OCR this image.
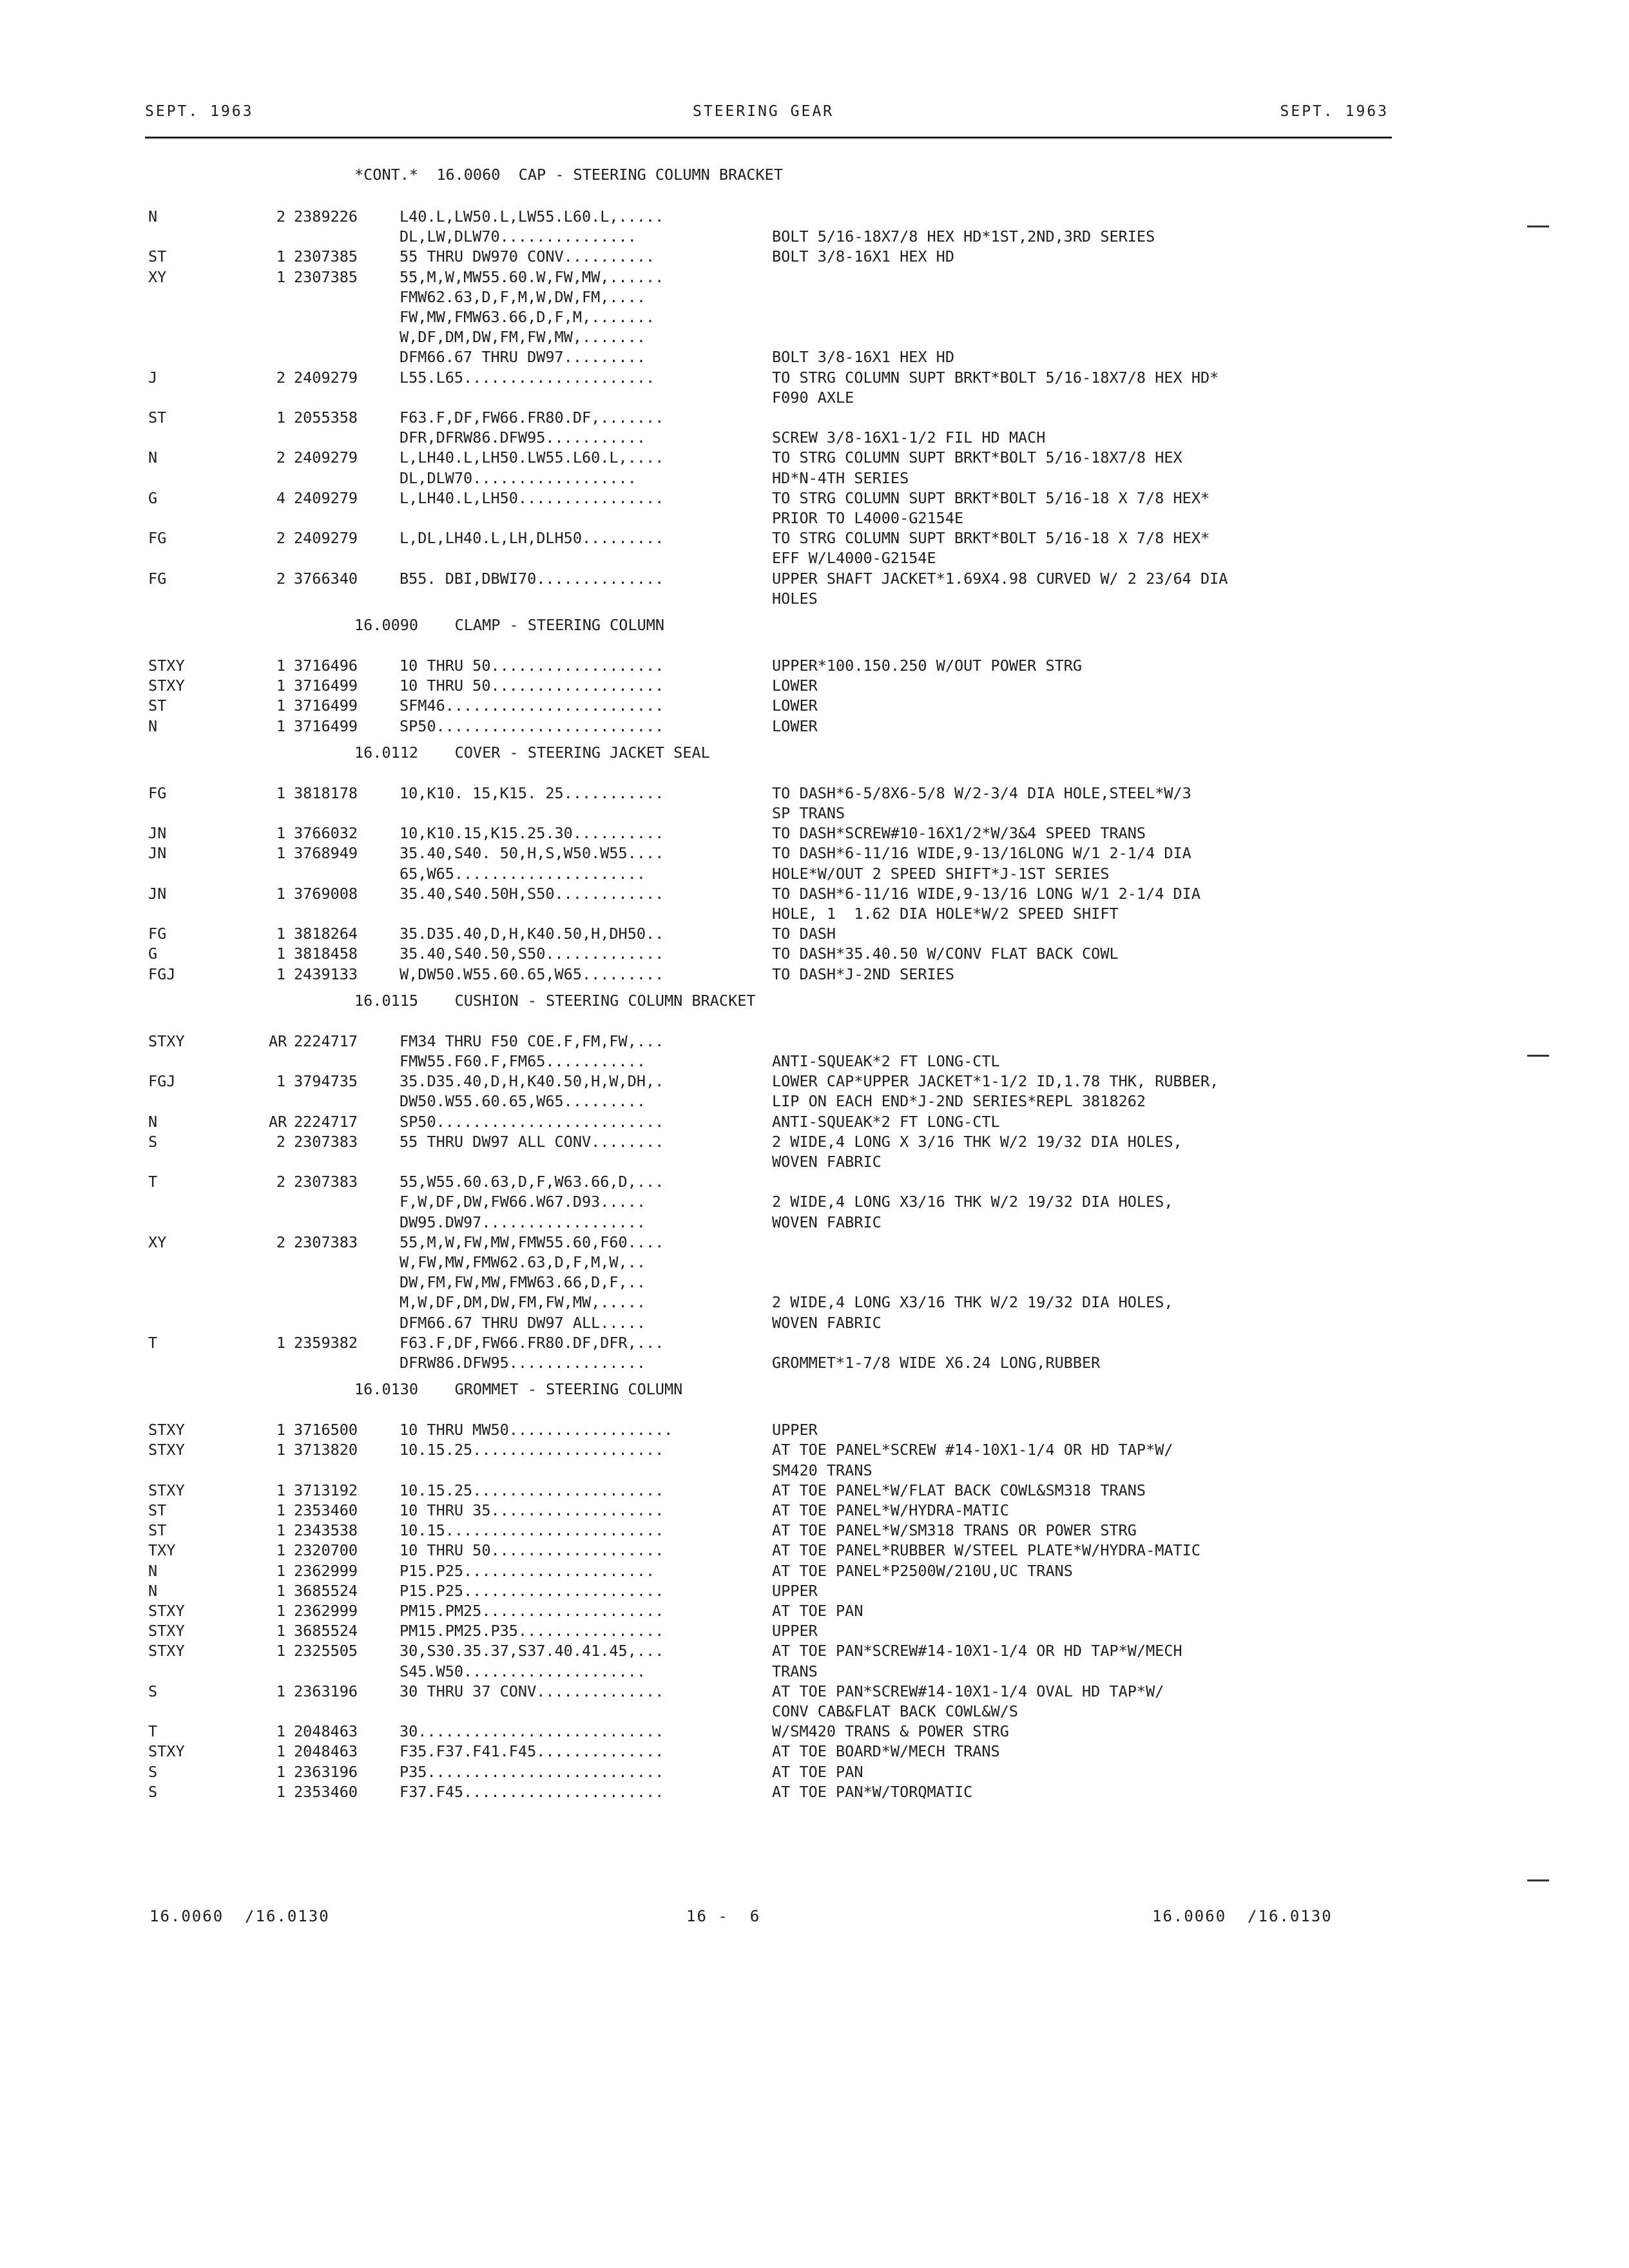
SEPT. 1963	STEERING GEAR	SEPT. 1963
*CONT.*  16.0060  CAP - STEERING COLUMN BRACKET
N	2 2389226	L40.L,LW50.L,LW55.L60.L,.....
DL,LW,DLW70...............	BOLT 5/16-18X7/8 HEX HD*1ST,2ND,3RD SERIES
ST	1 2307385	55 THRU DW970 CONV..........	BOLT 3/8-16X1 HEX HD
XY	1 2307385	55,M,W,MW55.60.W,FW,MW,......
FMW62.63,D,F,M,W,DW,FM,....
FW,MW,FMW63.66,D,F,M,.......
W,DF,DM,DW,FM,FW,MW,.......
DFM66.67 THRU DW97.........	BOLT 3/8-16X1 HEX HD
J	2 2409279	L55.L65.....................	TO STRG COLUMN SUPT BRKT*BOLT 5/16-18X7/8 HEX HD*
F090 AXLE
ST	1 2055358	F63.F,DF,FW66.FR80.DF,.......
DFR,DFRW86.DFW95...........	SCREW 3/8-16X1-1/2 FIL HD MACH
N	2 2409279	L,LH40.L,LH50.LW55.L60.L,....	TO STRG COLUMN SUPT BRKT*BOLT 5/16-18X7/8 HEX
DL,DLW70..................	HD*N-4TH SERIES
G	4 2409279	L,LH40.L,LH50................	TO STRG COLUMN SUPT BRKT*BOLT 5/16-18 X 7/8 HEX*
PRIOR TO L4000-G2154E
FG	2 2409279	L,DL,LH40.L,LH,DLH50.........	TO STRG COLUMN SUPT BRKT*BOLT 5/16-18 X 7/8 HEX*
EFF W/L4000-G2154E
FG	2 3766340	B55. DBI,DBWI70..............	UPPER SHAFT JACKET*1.69X4.98 CURVED W/ 2 23/64 DIA
HOLES
16.0090    CLAMP - STEERING COLUMN
STXY	1 3716496	10 THRU 50...................	UPPER*100.150.250 W/OUT POWER STRG
STXY	1 3716499	10 THRU 50...................	LOWER
ST	1 3716499	SFM46........................	LOWER
N	1 3716499	SP50.........................	LOWER
16.0112    COVER - STEERING JACKET SEAL
FG	1 3818178	10,K10. 15,K15. 25...........	TO DASH*6-5/8X6-5/8 W/2-3/4 DIA HOLE,STEEL*W/3
SP TRANS
JN	1 3766032	10,K10.15,K15.25.30..........	TO DASH*SCREW#10-16X1/2*W/3&4 SPEED TRANS
JN	1 3768949	35.40,S40. 50,H,S,W50.W55....	TO DASH*6-11/16 WIDE,9-13/16LONG W/1 2-1/4 DIA
65,W65.....................	HOLE*W/OUT 2 SPEED SHIFT*J-1ST SERIES
JN	1 3769008	35.40,S40.50H,S50............	TO DASH*6-11/16 WIDE,9-13/16 LONG W/1 2-1/4 DIA
HOLE, 1  1.62 DIA HOLE*W/2 SPEED SHIFT
FG	1 3818264	35.D35.40,D,H,K40.50,H,DH50..	TO DASH
G	1 3818458	35.40,S40.50,S50.............	TO DASH*35.40.50 W/CONV FLAT BACK COWL
FGJ	1 2439133	W,DW50.W55.60.65,W65.........	TO DASH*J-2ND SERIES
16.0115    CUSHION - STEERING COLUMN BRACKET
STXY	AR 2224717	FM34 THRU F50 COE.F,FM,FW,...
FMW55.F60.F,FM65...........	ANTI-SQUEAK*2 FT LONG-CTL
FGJ	1 3794735	35.D35.40,D,H,K40.50,H,W,DH,.	LOWER CAP*UPPER JACKET*1-1/2 ID,1.78 THK, RUBBER,
DW50.W55.60.65,W65.........	LIP ON EACH END*J-2ND SERIES*REPL 3818262
N	AR 2224717	SP50.........................	ANTI-SQUEAK*2 FT LONG-CTL
S	2 2307383	55 THRU DW97 ALL CONV........	2 WIDE,4 LONG X 3/16 THK W/2 19/32 DIA HOLES,
WOVEN FABRIC
T	2 2307383	55,W55.60.63,D,F,W63.66,D,...
F,W,DF,DW,FW66.W67.D93.....	2 WIDE,4 LONG X3/16 THK W/2 19/32 DIA HOLES,
DW95.DW97..................	WOVEN FABRIC
XY	2 2307383	55,M,W,FW,MW,FMW55.60,F60....
W,FW,MW,FMW62.63,D,F,M,W,..
DW,FM,FW,MW,FMW63.66,D,F,..
M,W,DF,DM,DW,FM,FW,MW,.....	2 WIDE,4 LONG X3/16 THK W/2 19/32 DIA HOLES,
DFM66.67 THRU DW97 ALL.....	WOVEN FABRIC
T	1 2359382	F63.F,DF,FW66.FR80.DF,DFR,...
DFRW86.DFW95...............	GROMMET*1-7/8 WIDE X6.24 LONG,RUBBER
16.0130    GROMMET - STEERING COLUMN
STXY	1 3716500	10 THRU MW50..................	UPPER
STXY	1 3713820	10.15.25.....................	AT TOE PANEL*SCREW #14-10X1-1/4 OR HD TAP*W/
SM420 TRANS
STXY	1 3713192	10.15.25.....................	AT TOE PANEL*W/FLAT BACK COWL&SM318 TRANS
ST	1 2353460	10 THRU 35...................	AT TOE PANEL*W/HYDRA-MATIC
ST	1 2343538	10.15........................	AT TOE PANEL*W/SM318 TRANS OR POWER STRG
TXY	1 2320700	10 THRU 50...................	AT TOE PANEL*RUBBER W/STEEL PLATE*W/HYDRA-MATIC
N	1 2362999	P15.P25.....................	AT TOE PANEL*P2500W/210U,UC TRANS
N	1 3685524	P15.P25......................	UPPER
STXY	1 2362999	PM15.PM25....................	AT TOE PAN
STXY	1 3685524	PM15.PM25.P35................	UPPER
STXY	1 2325505	30,S30.35.37,S37.40.41.45,...	AT TOE PAN*SCREW#14-10X1-1/4 OR HD TAP*W/MECH
S45.W50....................	TRANS
S	1 2363196	30 THRU 37 CONV..............	AT TOE PAN*SCREW#14-10X1-1/4 OVAL HD TAP*W/
CONV CAB&FLAT BACK COWL&W/S
T	1 2048463	30...........................	W/SM420 TRANS & POWER STRG
STXY	1 2048463	F35.F37.F41.F45..............	AT TOE BOARD*W/MECH TRANS
S	1 2363196	P35..........................	AT TOE PAN
S	1 2353460	F37.F45......................	AT TOE PAN*W/TORQMATIC
16.0060  /16.0130	16 -  6	16.0060  /16.0130
